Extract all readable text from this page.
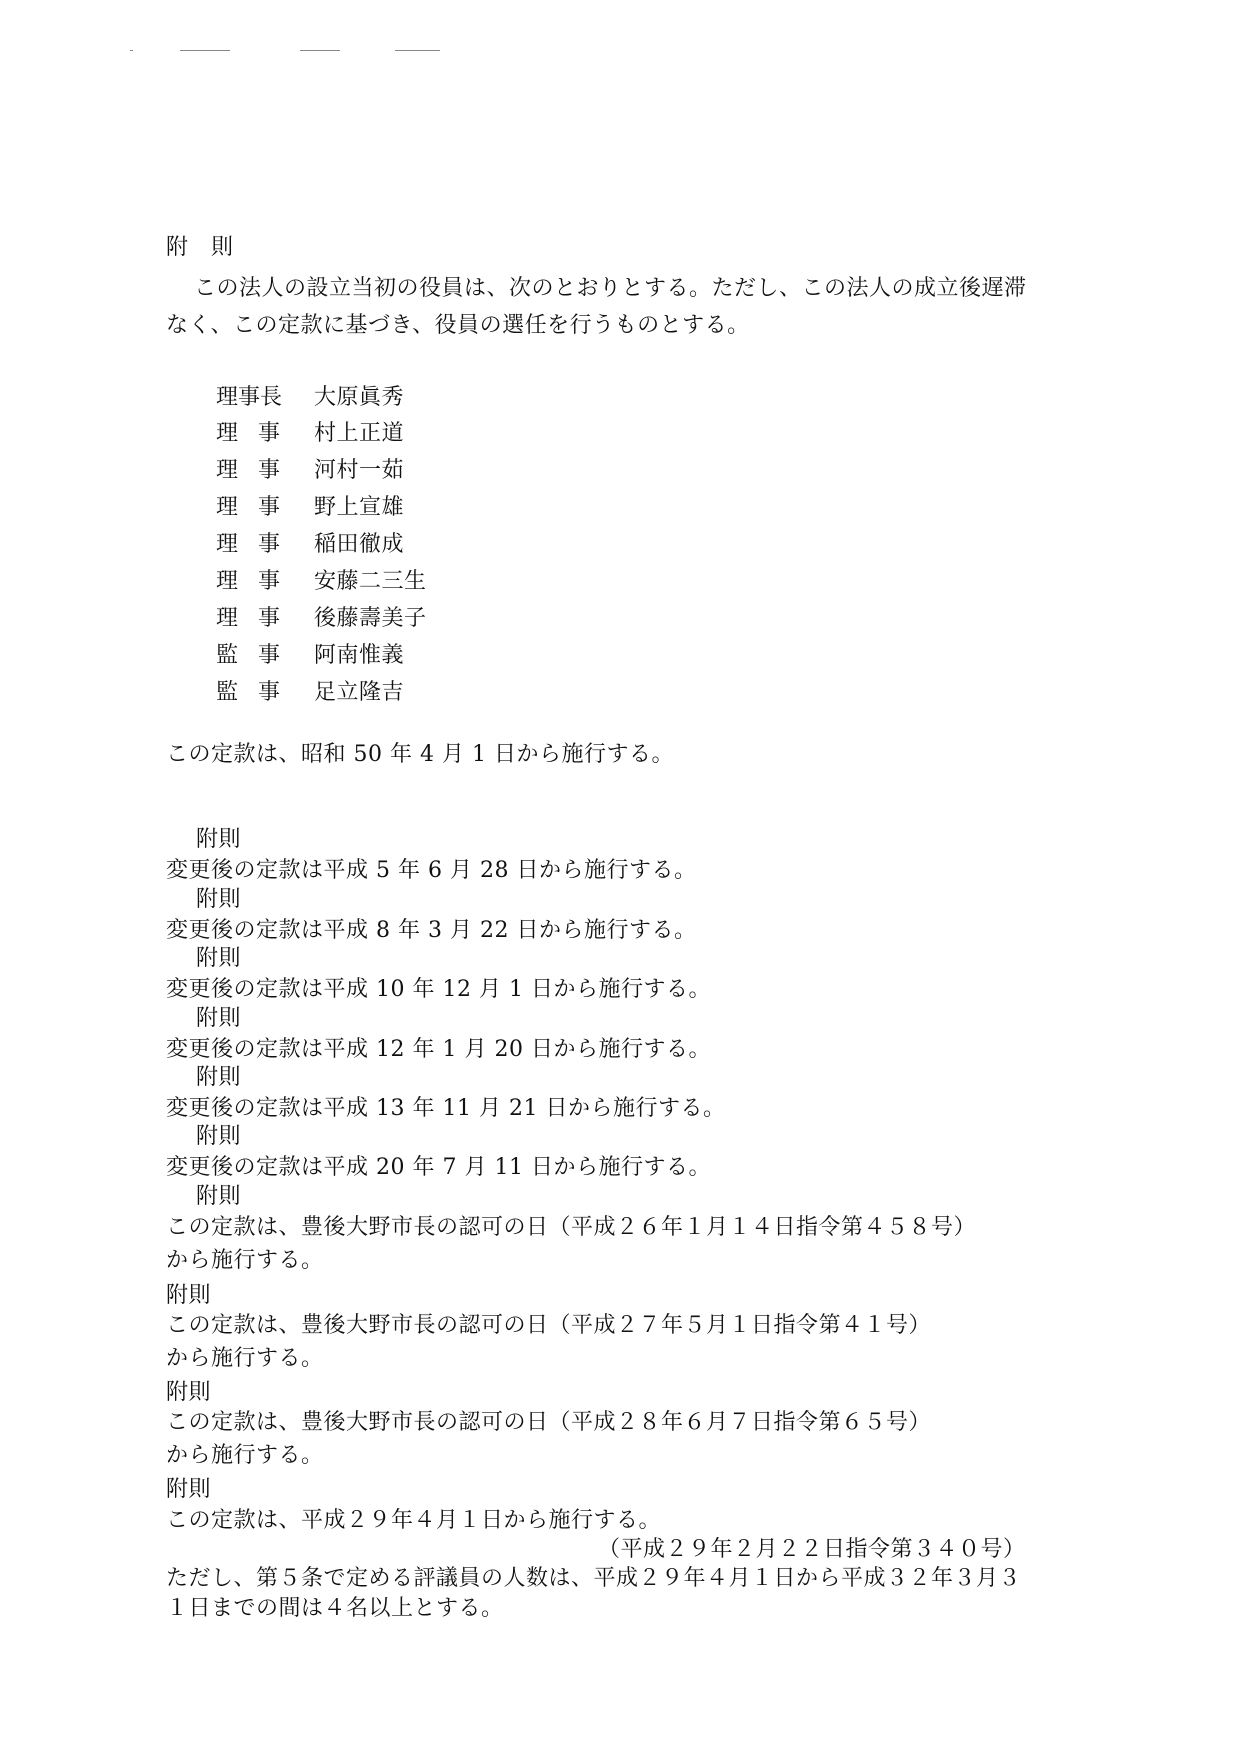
附 則
この法人の設立当初の役員は、次のとおりとする。ただし、この法人の成立後遅滞
なく、この定款に基づき、役員の選任を行うものとする。
理事長 大原眞秀
理事 村上正道
理事 河村一茹
理事 野上宣雄
理事 稲田徹成
理事 安藤二三生
理事 後藤壽美子
監事 阿南惟義
監事 足立隆吉
この定款は、昭和 50 年 4 月 1 日から施行する。
附則
変更後の定款は平成 5 年 6 月 28 日から施行する。
附則
変更後の定款は平成 8 年 3 月 22 日から施行する。
附則
変更後の定款は平成 10 年 12 月 1 日から施行する。
附則
変更後の定款は平成 12 年 1 月 20 日から施行する。
附則
変更後の定款は平成 13 年 11 月 21 日から施行する。
附則
変更後の定款は平成 20 年 7 月 11 日から施行する。
附則
この定款は、豊後大野市長の認可の日（平成２６年１月１４日指令第４５８号）
から施行する。
附則
この定款は、豊後大野市長の認可の日（平成２７年５月１日指令第４１号）
から施行する。
附則
この定款は、豊後大野市長の認可の日（平成２８年６月７日指令第６５号）
から施行する。
附則
この定款は、平成２９年４月１日から施行する。
（平成２９年２月２２日指令第３４０号）
ただし、第５条で定める評議員の人数は、平成２９年４月１日から平成３２年３月３
１日までの間は４名以上とする。
